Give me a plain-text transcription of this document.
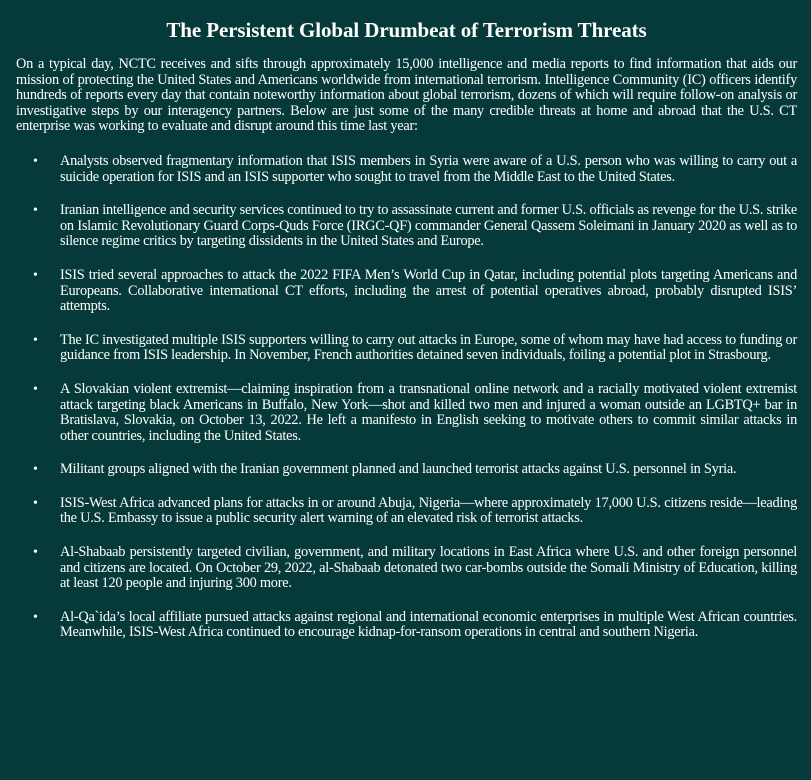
The Persistent Global Drumbeat of Terrorism Threats

On a typical day, NCTC receives and sifts through approximately 15,000 intelligence and media reports to find information that aids our mission of protecting the United States and Americans worldwide from international terrorism. Intelligence Community (IC) officers identify hundreds of reports every day that contain noteworthy information about global terrorism, dozens of which will require follow-on analysis or investigative steps by our interagency partners. Below are just some of the many credible threats at home and abroad that the U.S. CT enterprise was working to evaluate and disrupt around this time last year:

• Analysts observed fragmentary information that ISIS members in Syria were aware of a U.S. person who was willing to carry out a suicide operation for ISIS and an ISIS supporter who sought to travel from the Middle East to the United States.
• Iranian intelligence and security services continued to try to assassinate current and former U.S. officials as revenge for the U.S. strike on Islamic Revolutionary Guard Corps-Quds Force (IRGC-QF) commander General Qassem Soleimani in January 2020 as well as to silence regime critics by targeting dissidents in the United States and Europe.
• ISIS tried several approaches to attack the 2022 FIFA Men’s World Cup in Qatar, including potential plots targeting Americans and Europeans. Collaborative international CT efforts, including the arrest of potential operatives abroad, probably disrupted ISIS’ attempts.
• The IC investigated multiple ISIS supporters willing to carry out attacks in Europe, some of whom may have had access to funding or guidance from ISIS leadership. In November, French authorities detained seven individuals, foiling a potential plot in Strasbourg.
• A Slovakian violent extremist—claiming inspiration from a transnational online network and a racially motivated violent extremist attack targeting black Americans in Buffalo, New York—shot and killed two men and injured a woman outside an LGBTQ+ bar in Bratislava, Slovakia, on October 13, 2022. He left a manifesto in English seeking to motivate others to commit similar attacks in other countries, including the United States.
• Militant groups aligned with the Iranian government planned and launched terrorist attacks against U.S. personnel in Syria.
• ISIS-West Africa advanced plans for attacks in or around Abuja, Nigeria—where approximately 17,000 U.S. citizens reside—leading the U.S. Embassy to issue a public security alert warning of an elevated risk of terrorist attacks.
• Al-Shabaab persistently targeted civilian, government, and military locations in East Africa where U.S. and other foreign personnel and citizens are located. On October 29, 2022, al-Shabaab detonated two car-bombs outside the Somali Ministry of Education, killing at least 120 people and injuring 300 more.
• Al-Qa`ida’s local affiliate pursued attacks against regional and international economic enterprises in multiple West African countries. Meanwhile, ISIS-West Africa continued to encourage kidnap-for-ransom operations in central and southern Nigeria.
